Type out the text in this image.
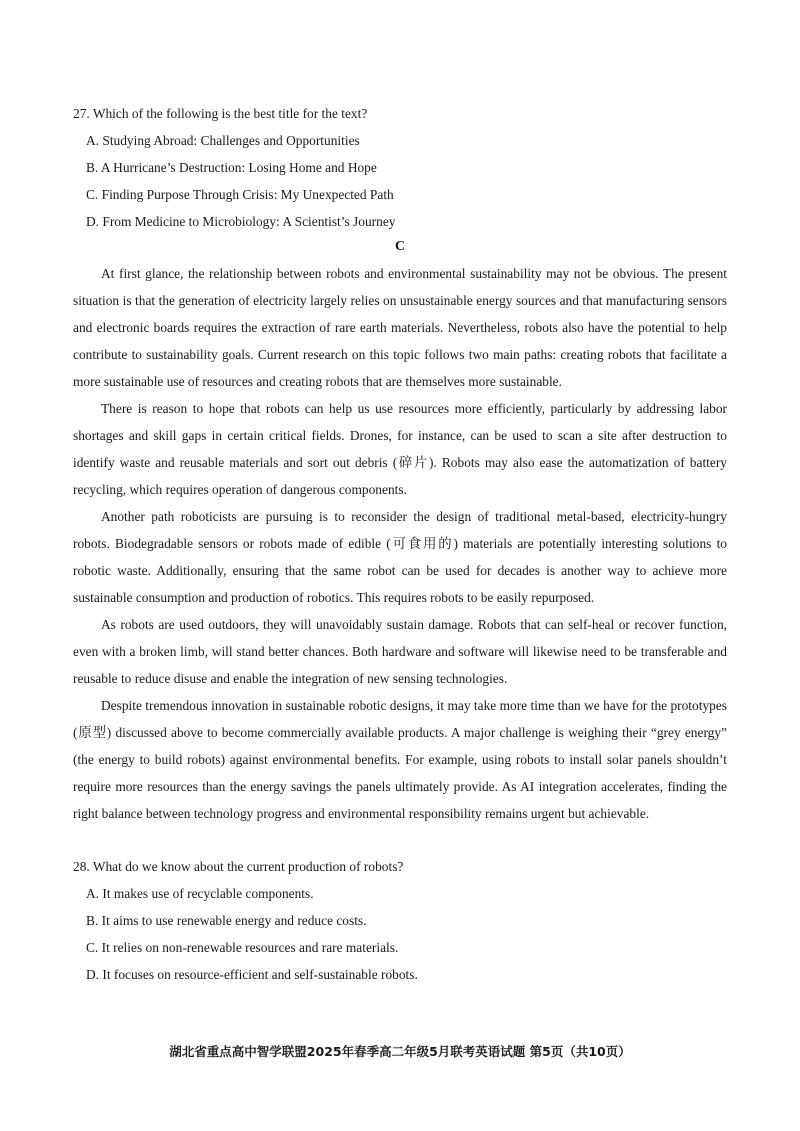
27. Which of the following is the best title for the text?

A. Studying Abroad: Challenges and Opportunities

B. A Hurricane’s Destruction: Losing Home and Hope

C. Finding Purpose Through Crisis: My Unexpected Path

D. From Medicine to Microbiology: A Scientist’s Journey

C

At first glance, the relationship between robots and environmental sustainability may not be obvious. The present situation is that the generation of electricity largely relies on unsustainable energy sources and that manufacturing sensors and electronic boards requires the extraction of rare earth materials. Nevertheless, robots also have the potential to help contribute to sustainability goals. Current research on this topic follows two main paths: creating robots that facilitate a more sustainable use of resources and creating robots that are themselves more sustainable.

There is reason to hope that robots can help us use resources more efficiently, particularly by addressing labor shortages and skill gaps in certain critical fields. Drones, for instance, can be used to scan a site after destruction to identify waste and reusable materials and sort out debris (碎片). Robots may also ease the automatization of battery recycling, which requires operation of dangerous components.

Another path roboticists are pursuing is to reconsider the design of traditional metal-based, electricity-hungry robots. Biodegradable sensors or robots made of edible (可食用的) materials are potentially interesting solutions to robotic waste. Additionally, ensuring that the same robot can be used for decades is another way to achieve more sustainable consumption and production of robotics. This requires robots to be easily repurposed.

As robots are used outdoors, they will unavoidably sustain damage. Robots that can self-heal or recover function, even with a broken limb, will stand better chances. Both hardware and software will likewise need to be transferable and reusable to reduce disuse and enable the integration of new sensing technologies.

Despite tremendous innovation in sustainable robotic designs, it may take more time than we have for the prototypes (原型) discussed above to become commercially available products. A major challenge is weighing their “grey energy” (the energy to build robots) against environmental benefits. For example, using robots to install solar panels shouldn’t require more resources than the energy savings the panels ultimately provide. As AI integration accelerates, finding the right balance between technology progress and environmental responsibility remains urgent but achievable.

28. What do we know about the current production of robots?

A. It makes use of recyclable components.

B. It aims to use renewable energy and reduce costs.

C. It relies on non-renewable resources and rare materials.

D. It focuses on resource-efficient and self-sustainable robots.

湖北省重点高中智学联盟2025年春季高二年级5月联考英语试题 第5页（共10页）
